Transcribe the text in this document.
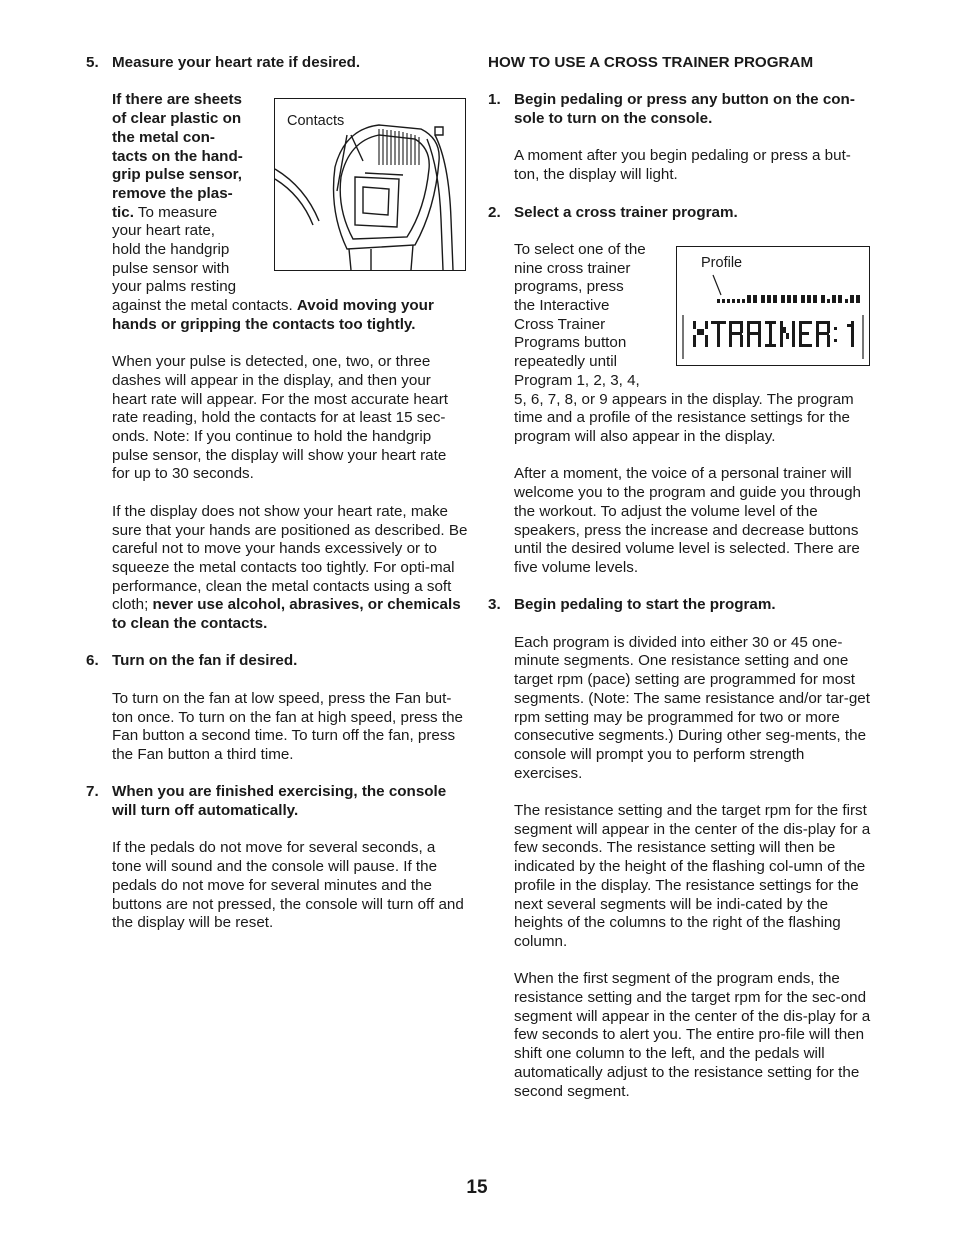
5. Measure your heart rate if desired.
If there are sheets
of clear plastic on
the metal con-
tacts on the hand-
grip pulse sensor,
remove the plas-
tic. To measure
your heart rate,
hold the handgrip
pulse sensor with
your palms resting

against the metal contacts. Avoid moving your hands or gripping the contacts too tightly.

When your pulse is detected, one, two, or three dashes will appear in the display, and then your heart rate will appear. For the most accurate heart rate reading, hold the contacts for at least 15 sec-onds. Note: If you continue to hold the handgrip pulse sensor, the display will show your heart rate for up to 30 seconds.

If the display does not show your heart rate, make sure that your hands are positioned as described. Be careful not to move your hands excessively or to squeeze the metal contacts too tightly. For opti-mal performance, clean the metal contacts using a soft cloth; never use alcohol, abrasives, or chemicals to clean the contacts.

6. Turn on the fan if desired.

To turn on the fan at low speed, press the Fan but-ton once. To turn on the fan at high speed, press the Fan button a second time. To turn off the fan, press the Fan button a third time.

7. When you are finished exercising, the console will turn off automatically.

If the pedals do not move for several seconds, a tone will sound and the console will pause. If the pedals do not move for several minutes and the buttons are not pressed, the console will turn off and the display will be reset.

Contacts
HOW TO USE A CROSS TRAINER PROGRAM
1. Begin pedaling or press any button on the con-sole to turn on the console.

A moment after you begin pedaling or press a but-ton, the display will light.

2. Select a cross trainer program.
To select one of the
nine cross trainer
programs, press
the Interactive
Cross Trainer
Programs button
repeatedly until
Program 1, 2, 3, 4,

5, 6, 7, 8, or 9 appears in the display. The program time and a profile of the resistance settings for the program will also appear in the display.

After a moment, the voice of a personal trainer will welcome you to the program and guide you through the workout. To adjust the volume level of the speakers, press the increase and decrease buttons until the desired volume level is selected. There are five volume levels.

3. Begin pedaling to start the program.

Each program is divided into either 30 or 45 one-minute segments. One resistance setting and one target rpm (pace) setting are programmed for most segments. (Note: The same resistance and/or tar-get rpm setting may be programmed for two or more consecutive segments.) During other seg-ments, the console will prompt you to perform strength exercises.

The resistance setting and the target rpm for the first segment will appear in the center of the dis-play for a few seconds. The resistance setting will then be indicated by the height of the flashing col-umn of the profile in the display. The resistance settings for the next several segments will be indi-cated by the heights of the columns to the right of the flashing column.

When the first segment of the program ends, the resistance setting and the target rpm for the sec-ond segment will appear in the center of the dis-play for a few seconds to alert you. The entire pro-file will then shift one column to the left, and the pedals will automatically adjust to the resistance setting for the second segment.

Profile
15
